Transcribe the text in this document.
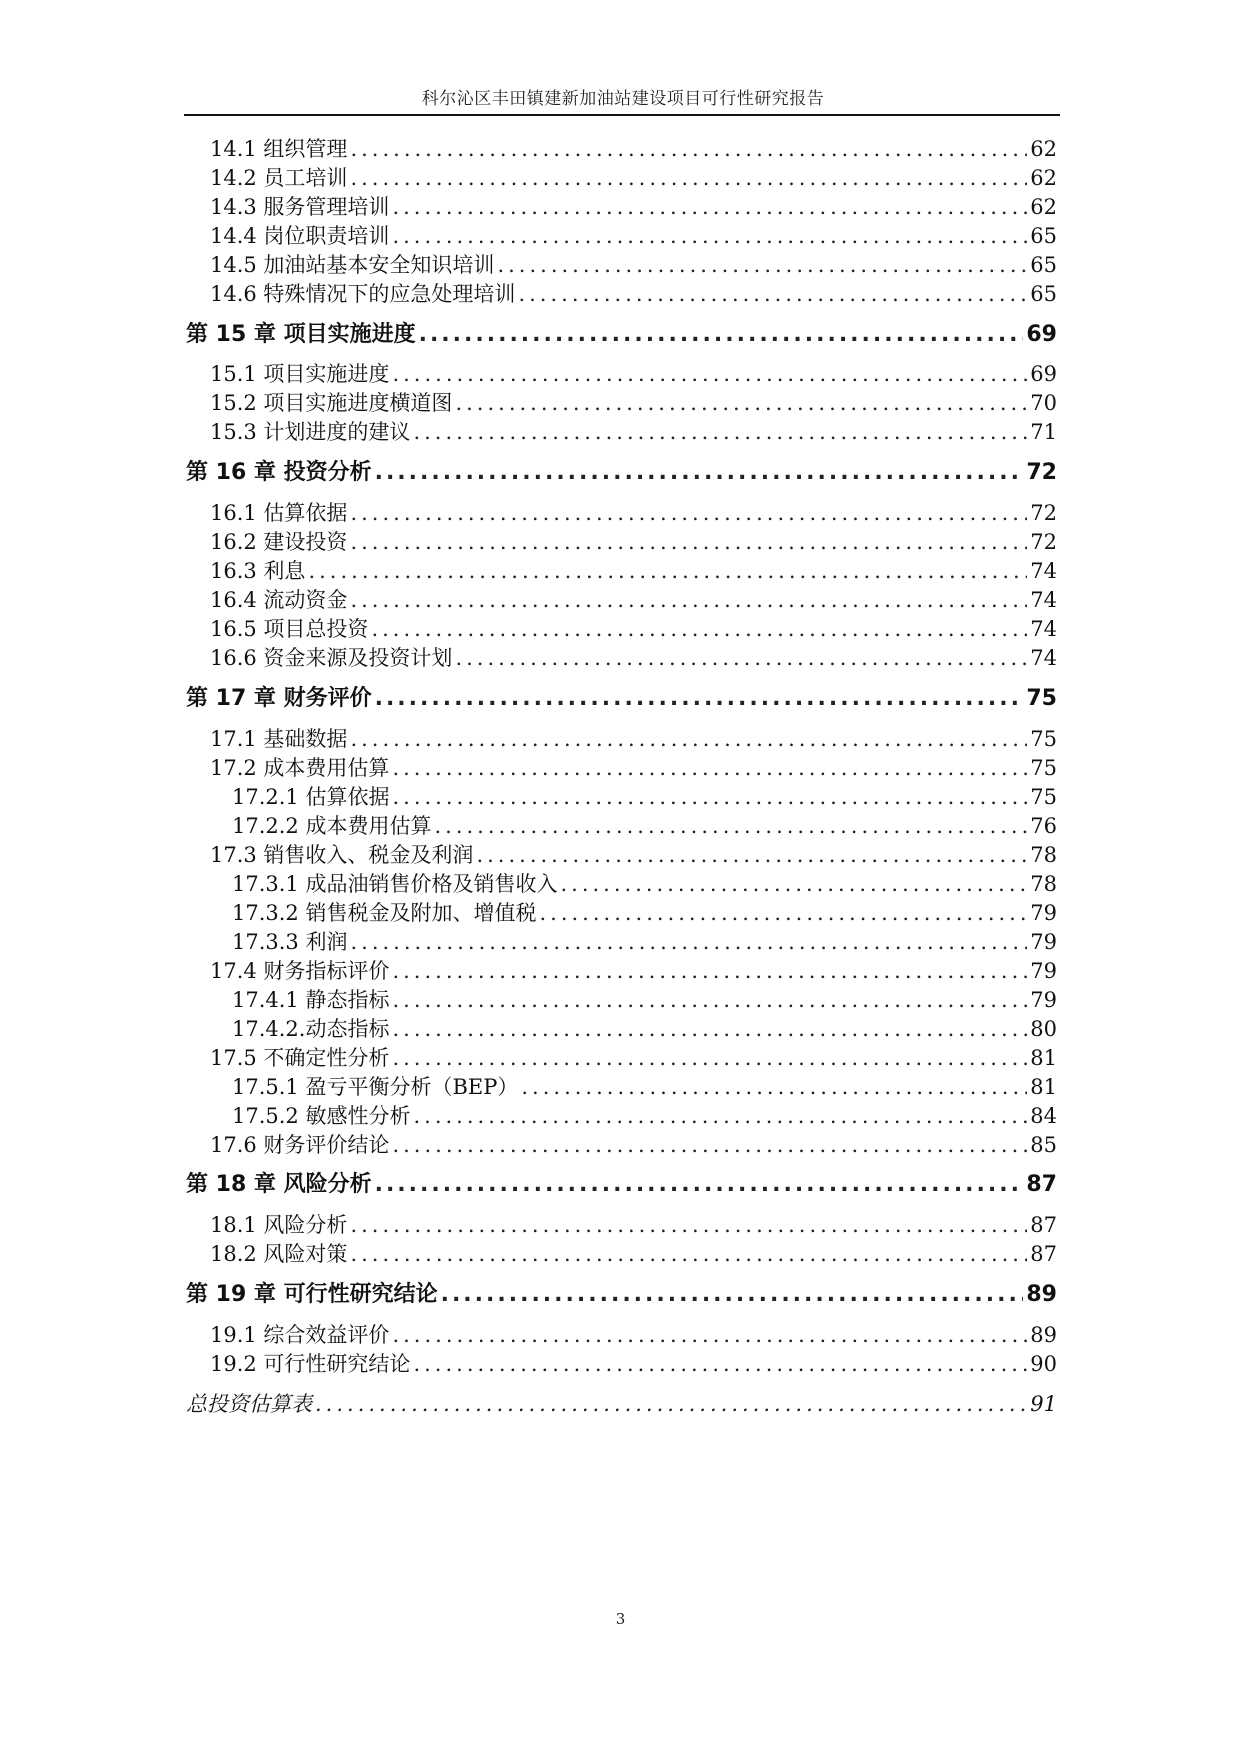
科尔沁区丰田镇建新加油站建设项目可行性研究报告
14.1 组织管理 .....	62
14.2 员工培训 .....	62
14.3 服务管理培训 .....	62
14.4 岗位职责培训 .....	65
14.5 加油站基本安全知识培训 .....	65
14.6 特殊情况下的应急处理培训 .....	65
第 15 章 项目实施进度 .....	69
15.1 项目实施进度 .....	69
15.2 项目实施进度横道图 .....	70
15.3 计划进度的建议 .....	71
第 16 章 投资分析 .....	72
16.1 估算依据 .....	72
16.2 建设投资 .....	72
16.3 利息 .....	74
16.4 流动资金 .....	74
16.5 项目总投资 .....	74
16.6 资金来源及投资计划 .....	74
第 17 章 财务评价 .....	75
17.1 基础数据 .....	75
17.2 成本费用估算 .....	75
17.2.1 估算依据 .....	75
17.2.2 成本费用估算 .....	76
17.3 销售收入、税金及利润 .....	78
17.3.1 成品油销售价格及销售收入 .....	78
17.3.2 销售税金及附加、增值税 .....	79
17.3.3 利润 .....	79
17.4 财务指标评价 .....	79
17.4.1 静态指标 .....	79
17.4.2.动态指标 .....	80
17.5 不确定性分析 .....	81
17.5.1 盈亏平衡分析（BEP） .....	81
17.5.2 敏感性分析 .....	84
17.6 财务评价结论 .....	85
第 18 章 风险分析 .....	87
18.1 风险分析 .....	87
18.2 风险对策 .....	87
第 19 章 可行性研究结论 .....	89
19.1 综合效益评价 .....	89
19.2 可行性研究结论 .....	90
总投资估算表 .....	91
3
